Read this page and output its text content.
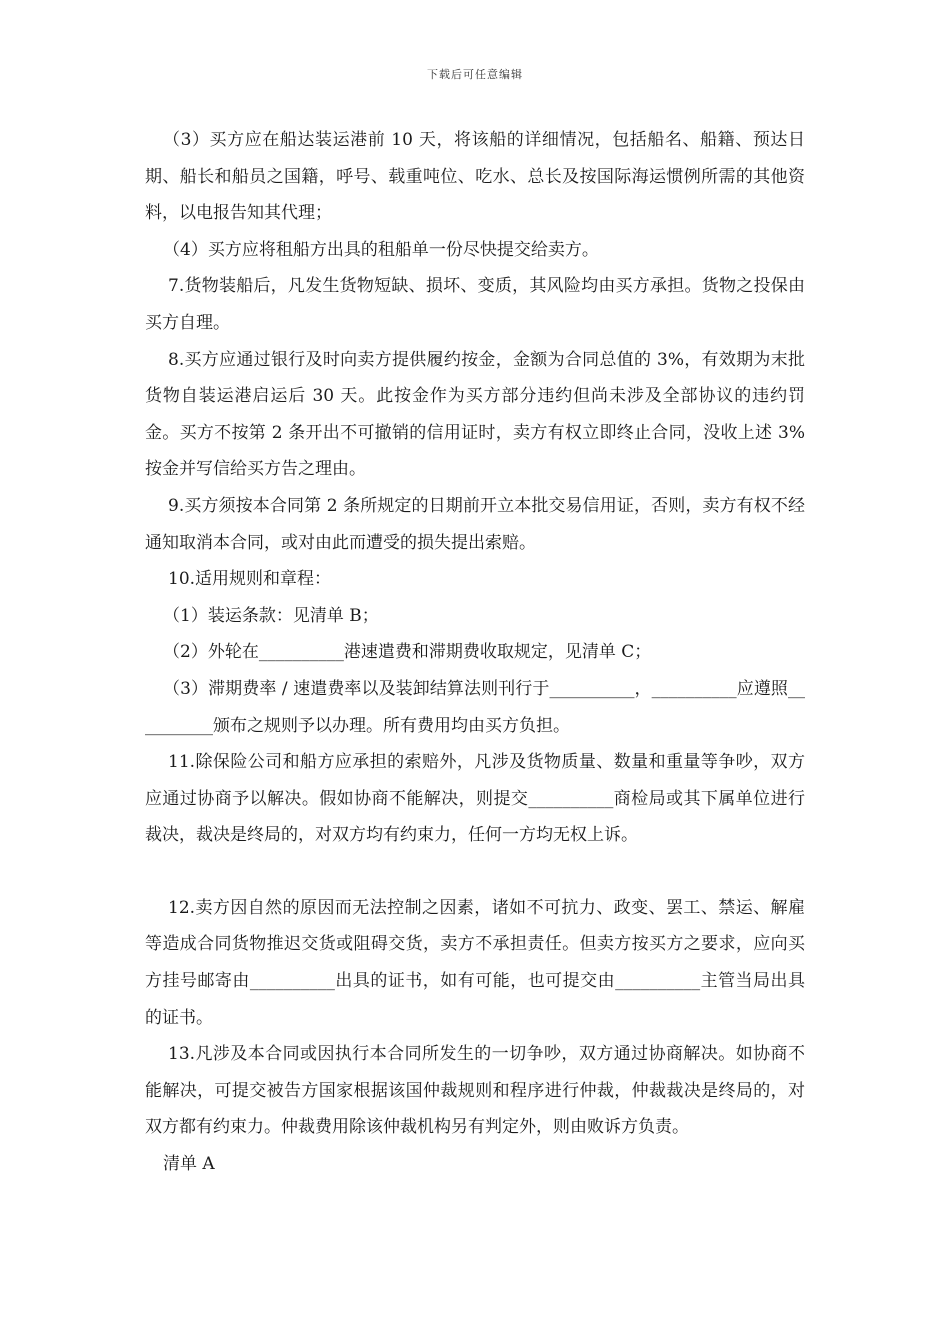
下载后可任意编辑

（3）买方应在船达装运港前 10 天，将该船的详细情况，包括船名、船籍、预达日期、船长和船员之国籍，呼号、载重吨位、吃水、总长及按国际海运惯例所需的其他资料，以电报告知其代理；

（4）买方应将租船方出具的租船单一份尽快提交给卖方。

7.货物装船后，凡发生货物短缺、损坏、变质，其风险均由买方承担。货物之投保由买方自理。

8.买方应通过银行及时向卖方提供履约按金，金额为合同总值的 3%，有效期为末批货物自装运港启运后 30 天。此按金作为买方部分违约但尚未涉及全部协议的违约罚金。买方不按第 2 条开出不可撤销的信用证时，卖方有权立即终止合同，没收上述 3%按金并写信给买方告之理由。

9.买方须按本合同第 2 条所规定的日期前开立本批交易信用证，否则，卖方有权不经通知取消本合同，或对由此而遭受的损失提出索赔。

10.适用规则和章程：

（1）装运条款：见清单 B；

（2）外轮在__________港速遣费和滞期费收取规定，见清单 C；

（3）滞期费率 / 速遣费率以及装卸结算法则刊行于__________，__________应遵照__________颁布之规则予以办理。所有费用均由买方负担。

11.除保险公司和船方应承担的索赔外，凡涉及货物质量、数量和重量等争吵，双方应通过协商予以解决。假如协商不能解决，则提交__________商检局或其下属单位进行裁决，裁决是终局的，对双方均有约束力，任何一方均无权上诉。

12.卖方因自然的原因而无法控制之因素，诸如不可抗力、政变、罢工、禁运、解雇等造成合同货物推迟交货或阻碍交货，卖方不承担责任。但卖方按买方之要求，应向买方挂号邮寄由__________出具的证书，如有可能，也可提交由__________主管当局出具的证书。

13.凡涉及本合同或因执行本合同所发生的一切争吵，双方通过协商解决。如协商不能解决，可提交被告方国家根据该国仲裁规则和程序进行仲裁，仲裁裁决是终局的，对双方都有约束力。仲裁费用除该仲裁机构另有判定外，则由败诉方负责。

清单 A
